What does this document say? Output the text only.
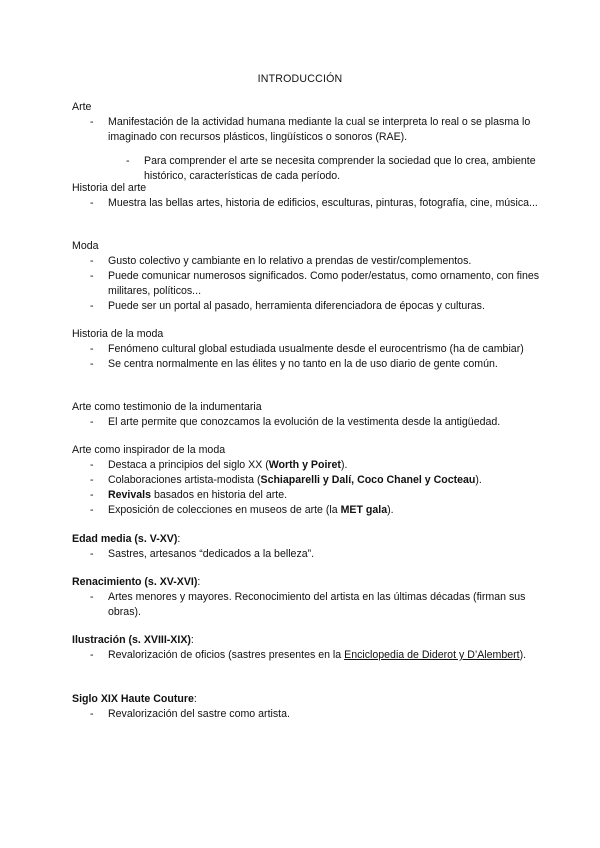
INTRODUCCIÓN

Arte

- Manifestación de la actividad humana mediante la cual se interpreta lo real o se plasma lo imaginado con recursos plásticos, lingüísticos o sonoros (RAE).
- Para comprender el arte se necesita comprender la sociedad que lo crea, ambiente histórico, características de cada período.

Historia del arte

- Muestra las bellas artes, historia de edificios, esculturas, pinturas, fotografía, cine, música...

Moda

- Gusto colectivo y cambiante en lo relativo a prendas de vestir/complementos.
- Puede comunicar numerosos significados. Como poder/estatus, como ornamento, con fines militares, políticos...
- Puede ser un portal al pasado, herramienta diferenciadora de épocas y culturas.

Historia de la moda

- Fenómeno cultural global estudiada usualmente desde el eurocentrismo (ha de cambiar)
- Se centra normalmente en las élites y no tanto en la de uso diario de gente común.

Arte como testimonio de la indumentaria

- El arte permite que conozcamos la evolución de la vestimenta desde la antigüedad.

Arte como inspirador de la moda

- Destaca a principios del siglo XX (Worth y Poiret).
- Colaboraciones artista-modista (Schiaparelli y Dalí, Coco Chanel y Cocteau).
- Revivals basados en historia del arte.
- Exposición de colecciones en museos de arte (la MET gala).

Edad media (s. V-XV):

- Sastres, artesanos “dedicados a la belleza”.

Renacimiento (s. XV-XVI):

- Artes menores y mayores. Reconocimiento del artista en las últimas décadas (firman sus obras).

Ilustración (s. XVIII-XIX):

- Revalorización de oficios (sastres presentes en la Enciclopedia de Diderot y D’Alembert).

Siglo XIX Haute Couture:

- Revalorización del sastre como artista.
